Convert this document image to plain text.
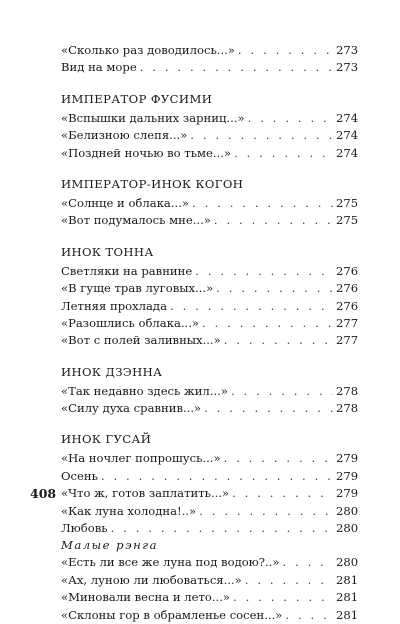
«Сколько раз доводилось...» . . .	273
Вид на море . . .	273
ИМПЕРАТОР ФУСИМИ
«Вспышки дальних зарниц...» . . .	274
«Белизною слепя...» . . .	274
«Поздней ночью во тьме...» . . .	274
ИМПЕРАТОР-ИНОК КОГОН
«Солнце и облака...» . . .	275
«Вот подумалось мне...» . . .	275
ИНОК ТОННА
Светляки на равнине . . .	276
«В гуще трав луговых...» . . .	276
Летняя прохлада . . .	276
«Разошлись облака...» . . .	277
«Вот с полей заливных...» . . .	277
ИНОК ДЗЭННА
«Так недавно здесь жил...» . . .	278
«Силу духа сравнив...» . . .	278
ИНОК ГУСАЙ
«На ночлег попрошусь...» . . .	279
Осень . . .	279
«Что ж, готов заплатить...» . . .	279
«Как луна холодна!..» . . .	280
Любовь . . .	280
Малые рэнга
«Есть ли все же луна под водою?..» . . .	280
«Ах, луною ли любоваться...» . . .	281
«Миновали весна и лето...» . . .	281
«Склоны гор в обрамленье сосен...» . . .	281
408
